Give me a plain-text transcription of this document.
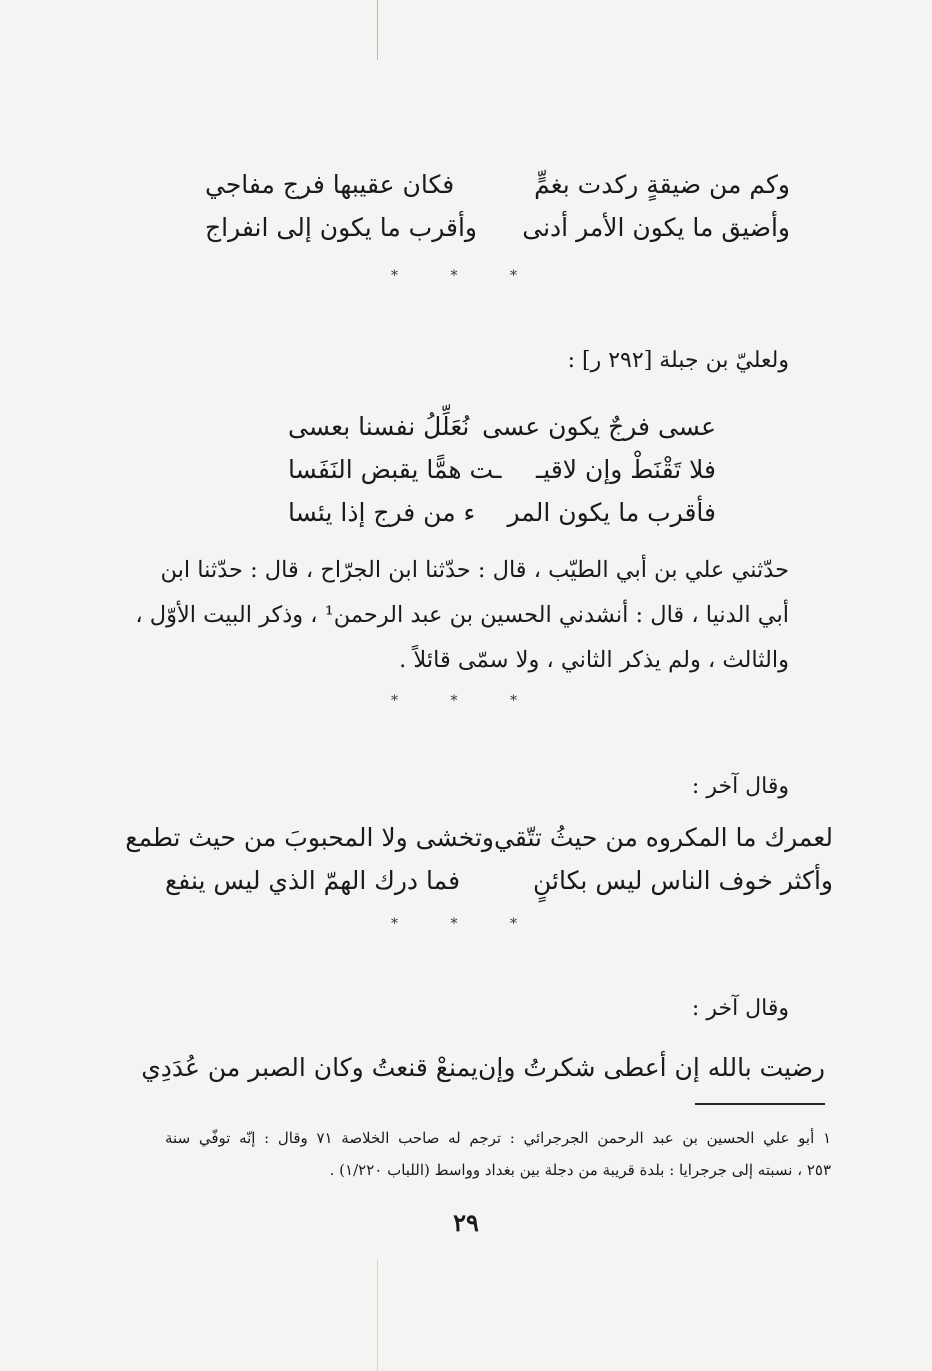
وكم من ضيقةٍ ركدت بغمٍّ
فكان عقيبها فرج مفاجي
وأضيق ما يكون الأمر أدنى
وأقرب ما يكون إلى انفراج
* * *
ولعليّ بن جبلة [٢٩٢ ر] :
عسى فرجٌ يكون عسى
نُعَلِّلُ نفسنا بعسى
فلا تَقْنَطْ وإن لاقيـ
ـت همًّا يقبض النَفَسا
فأقرب ما يكون المر
ء من فرج إذا يئسا
حدّثني علي بن أبي الطيّب ، قال : حدّثنا ابن الجرّاح ، قال : حدّثنا ابن
أبي الدنيا ، قال : أنشدني الحسين بن عبد الرحمن¹ ، وذكر البيت الأوّل ،
والثالث ، ولم يذكر الثاني ، ولا سمّى قائلاً .
* * *
وقال آخر :
لعمرك ما المكروه من حيثُ تتّقي
وتخشى ولا المحبوبَ من حيث تطمع
وأكثر خوف الناس ليس بكائنٍ
فما درك الهمّ الذي ليس ينفع
* * *
وقال آخر :
رضيت بالله إن أعطى شكرتُ وإن
يمنعْ قنعتُ وكان الصبر من عُدَدِي
١ أبو علي الحسين بن عبد الرحمن الجرجرائي : ترجم له صاحب الخلاصة ٧١ وقال : إنّه توفّي سنة
٢٥٣ ، نسبته إلى جرجرايا : بلدة قريبة من دجلة بين بغداد وواسط (اللباب ١/٢٢٠) .
٢٩
